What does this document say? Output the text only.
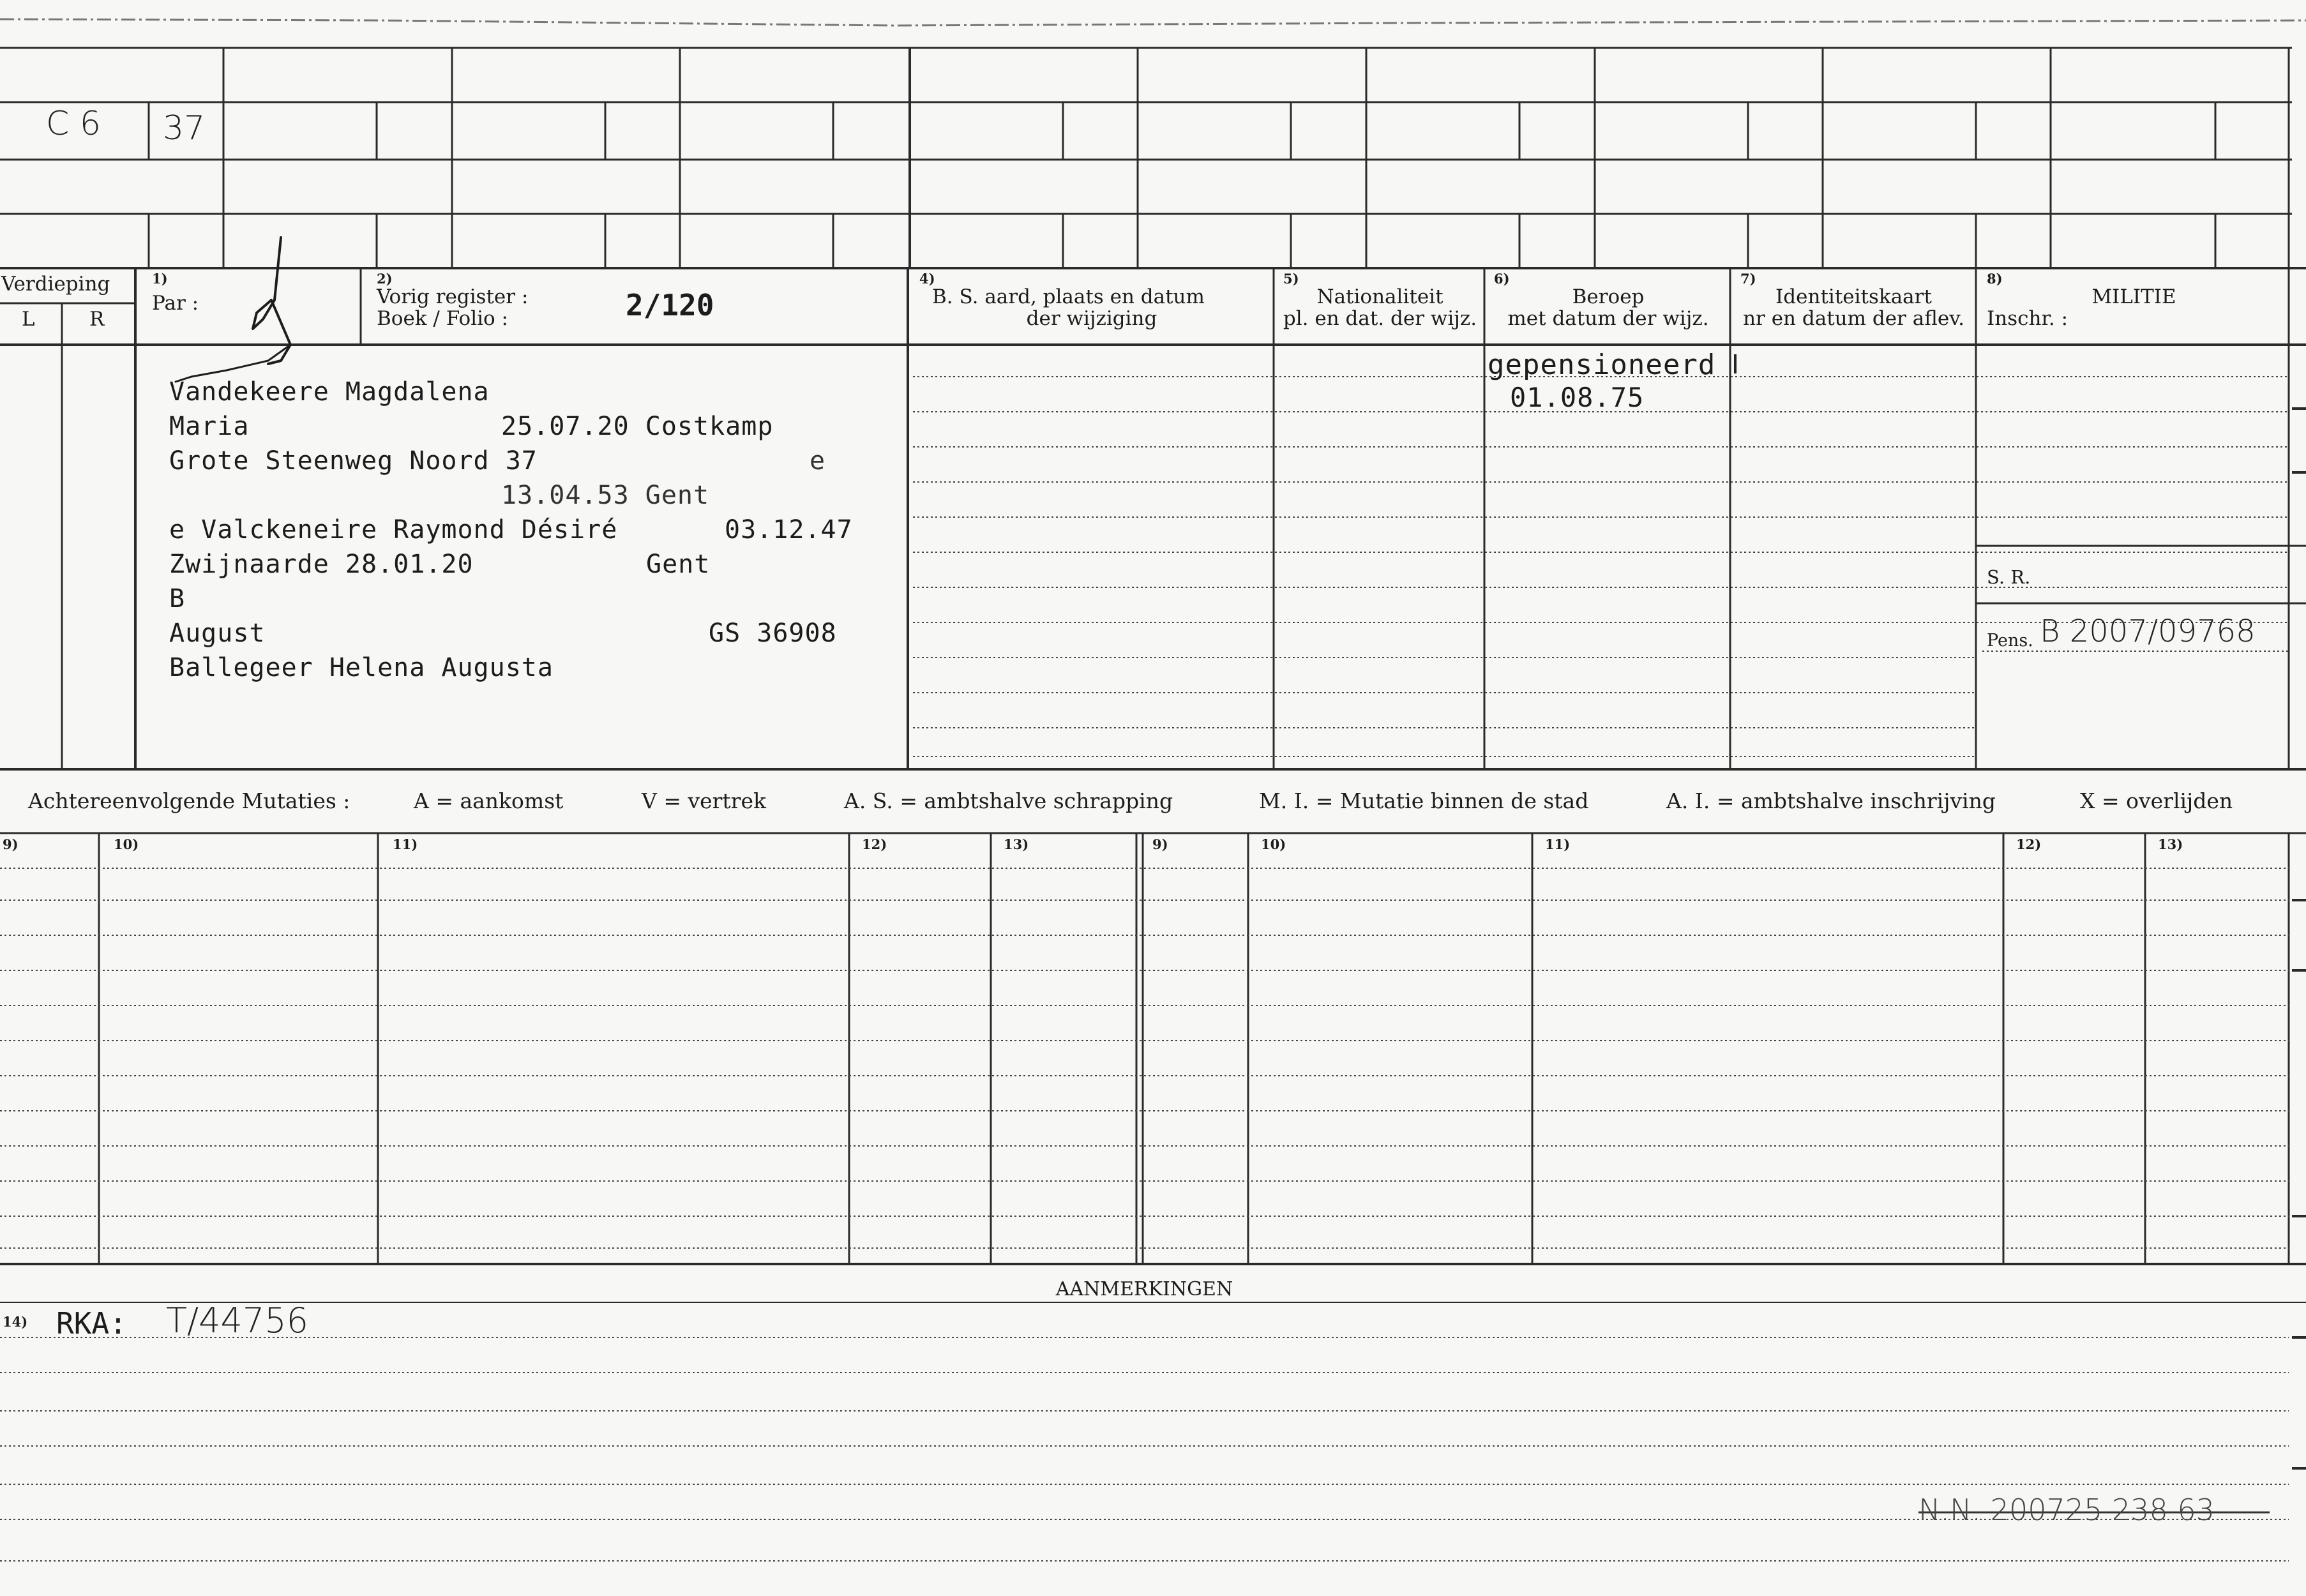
C 6 37
Verdieping
L	R
1)
Par :
2)
Vorig register :
Boek / Folio :	2/120
4)
B. S. aard, plaats en datum
der wijziging
5)
Nationaliteit
pl. en dat. der wijz.
6)
Beroep
met datum der wijz.
7)
Identiteitskaart
nr en datum der aflev.
8)
MILITIE
Inschr. :
Vandekeere Magdalena
Maria	25.07.20 Costkamp
Grote Steenweg Noord 37	e
13.04.53 Gent
e Valckeneire Raymond Désiré	03.12.47
Zwijnaarde 28.01.20	Gent
B
August	GS 36908
Ballegeer Helena Augusta
gepensioneerd
01.08.75
S. R.
Pens. B 2007/09768
Achtereenvolgende Mutaties :	A = aankomst	V = vertrek	A. S. = ambtshalve schrapping	M. I. = Mutatie binnen de stad	A. I. = ambtshalve inschrijving	X = overlijden
9)	10)	11)	12)	13)	9)	10)	11)	12)	13)
AANMERKINGEN
14) RKA: T/44756
N.N. 200725 238 63
